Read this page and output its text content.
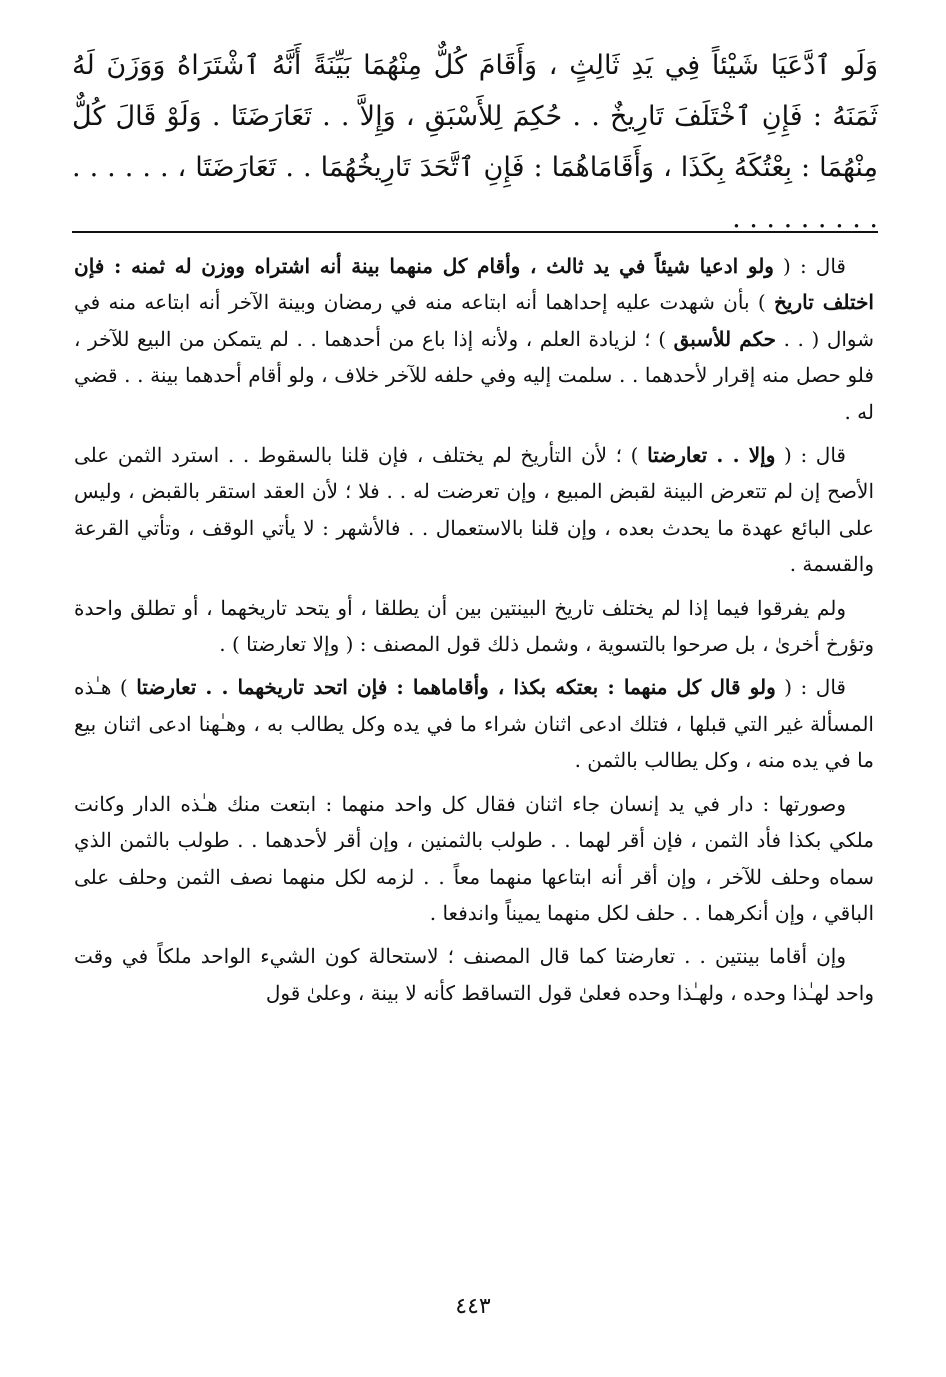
وَلَو ٱدَّعَيَا شَيْئاً فِي يَدِ ثَالِثٍ ، وَأَقَامَ كُلٌّ مِنْهُمَا بَيِّنَةً أَنَّهُ ٱشْتَرَاهُ وَوَزَنَ لَهُ ثَمَنَهُ : فَإِنِ ٱخْتَلَفَ تَارِيخٌ . . حُكِمَ لِلأَسْبَقِ ، وَإِلاَّ . . تَعَارَضَتَا . وَلَوْ قَالَ كُلٌّ مِنْهُمَا : بِعْتُكَهُ بِكَذَا ، وَأَقَامَاهُمَا : فَإِنِ ٱتَّحَدَ تَارِيخُهُمَا . . تَعَارَضَتَا ، . . . . . . . . . . . . . . .

قال : ( ولو ادعيا شيئاً في يد ثالث ، وأقام كل منهما بينة أنه اشتراه ووزن له ثمنه : فإن اختلف تاريخ ) بأن شهدت عليه إحداهما أنه ابتاعه منه في رمضان وبينة الآخر أنه ابتاعه منه في شوال ( . . حكم للأسبق ) ؛ لزيادة العلم ، ولأنه إذا باع من أحدهما . . لم يتمكن من البيع للآخر ، فلو حصل منه إقرار لأحدهما . . سلمت إليه وفي حلفه للآخر خلاف ، ولو أقام أحدهما بينة . . قضي له .

قال : ( وإلا . . تعارضتا ) ؛ لأن التأريخ لم يختلف ، فإن قلنا بالسقوط . . استرد الثمن على الأصح إن لم تتعرض البينة لقبض المبيع ، وإن تعرضت له . . فلا ؛ لأن العقد استقر بالقبض ، وليس على البائع عهدة ما يحدث بعده ، وإن قلنا بالاستعمال . . فالأشهر : لا يأتي الوقف ، وتأتي القرعة والقسمة .

ولم يفرقوا فيما إذا لم يختلف تاريخ البينتين بين أن يطلقا ، أو يتحد تاريخهما ، أو تطلق واحدة وتؤرخ أخرىٰ ، بل صرحوا بالتسوية ، وشمل ذلك قول المصنف : ( وإلا تعارضتا ) .

قال : ( ولو قال كل منهما : بعتكه بكذا ، وأقاماهما : فإن اتحد تاريخهما . . تعارضتا ) هـٰذه المسألة غير التي قبلها ، فتلك ادعى اثنان شراء ما في يده وكل يطالب به ، وهـٰهنا ادعى اثنان بيع ما في يده منه ، وكل يطالب بالثمن .

وصورتها : دار في يد إنسان جاء اثنان فقال كل واحد منهما : ابتعت منك هـٰذه الدار وكانت ملكي بكذا فأد الثمن ، فإن أقر لهما . . طولب بالثمنين ، وإن أقر لأحدهما . . طولب بالثمن الذي سماه وحلف للآخر ، وإن أقر أنه ابتاعها منهما معاً . . لزمه لكل منهما نصف الثمن وحلف على الباقي ، وإن أنكرهما . . حلف لكل منهما يميناً واندفعا .

وإن أقاما بينتين . . تعارضتا كما قال المصنف ؛ لاستحالة كون الشيء الواحد ملكاً في وقت واحد لهـٰذا وحده ، ولهـٰذا وحده فعلىٰ قول التساقط كأنه لا بينة ، وعلىٰ قول

٤٤٣
